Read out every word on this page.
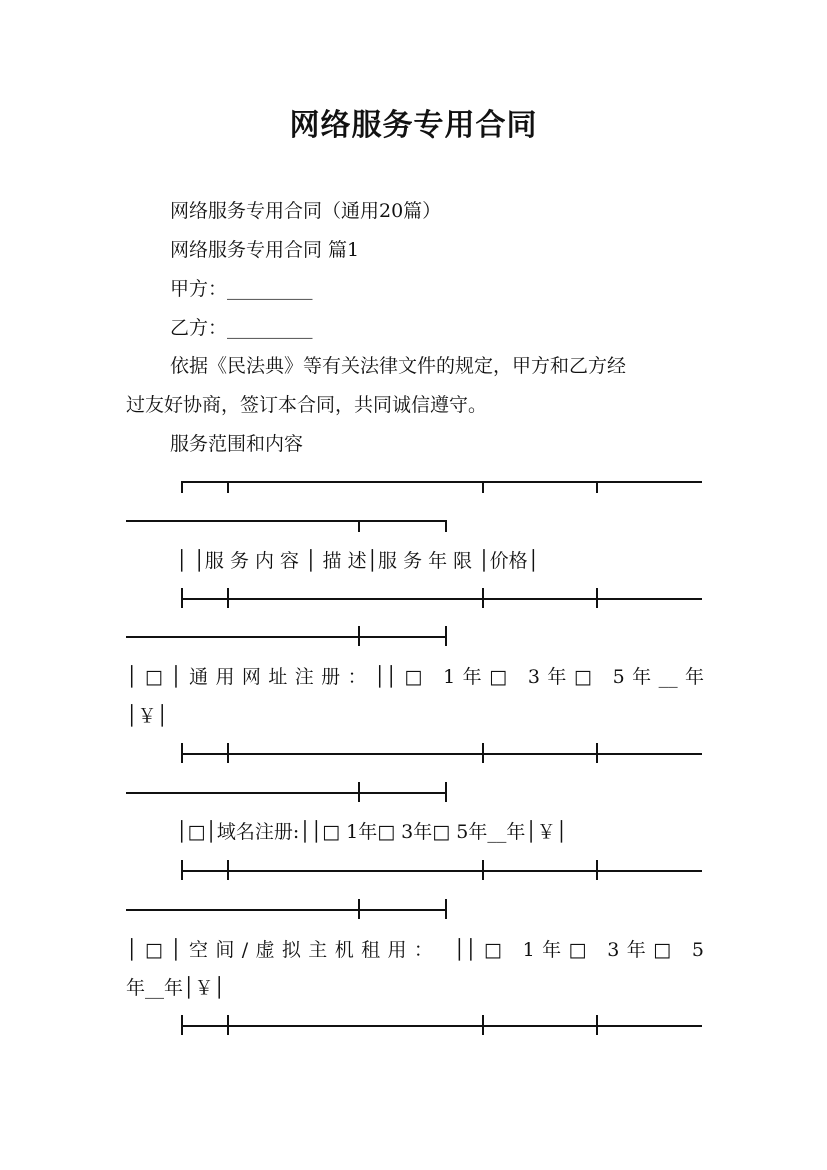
网络服务专用合同
网络服务专用合同（通用20篇）
网络服务专用合同 篇1
甲方：_________
乙方：_________
依据《民法典》等有关法律文件的规定，甲方和乙方经
过友好协商，签订本合同，共同诚信遵守。
服务范围和内容
│ │服 务 内 容 │ 描 述│服 务 年 限 │价格│
│□│通用网址注册：││□ 1年□ 3年□ 5年__年
│￥│
│□│域名注册:││□ 1年□ 3年□ 5年__年│￥│
│□│空间/虚拟主机租用： ││□ 1年□ 3年□ 5
年__年│￥│
